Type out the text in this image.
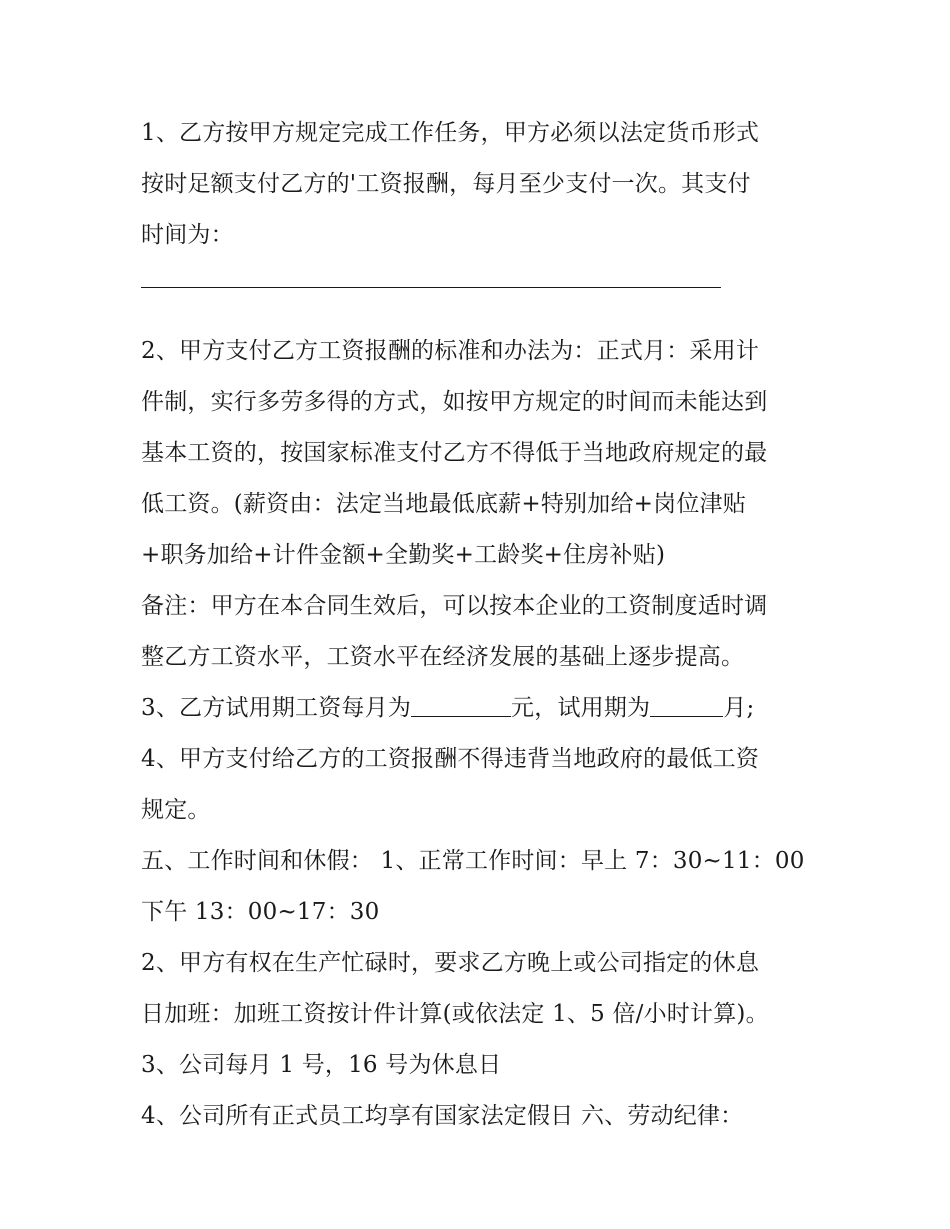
1、乙方按甲方规定完成工作任务，甲方必须以法定货币形式
按时足额支付乙方的'工资报酬，每月至少支付一次。其支付
时间为：
2、甲方支付乙方工资报酬的标准和办法为：正式月：采用计
件制，实行多劳多得的方式，如按甲方规定的时间而未能达到
基本工资的，按国家标准支付乙方不得低于当地政府规定的最
低工资。(薪资由：法定当地最低底薪+特别加给+岗位津贴
+职务加给+计件金额+全勤奖+工龄奖+住房补贴)
备注：甲方在本合同生效后，可以按本企业的工资制度适时调
整乙方工资水平，工资水平在经济发展的基础上逐步提高。
3、乙方试用期工资每月为	元，试用期为	月;
4、甲方支付给乙方的工资报酬不得违背当地政府的最低工资
规定。
五、工作时间和休假： 1、正常工作时间：早上 7：30~11：00
下午 13：00~17：30
2、甲方有权在生产忙碌时，要求乙方晚上或公司指定的休息
日加班：加班工资按计件计算(或依法定 1、5 倍/小时计算)。
3、公司每月 1 号，16 号为休息日
4、公司所有正式员工均享有国家法定假日 六、劳动纪律：
